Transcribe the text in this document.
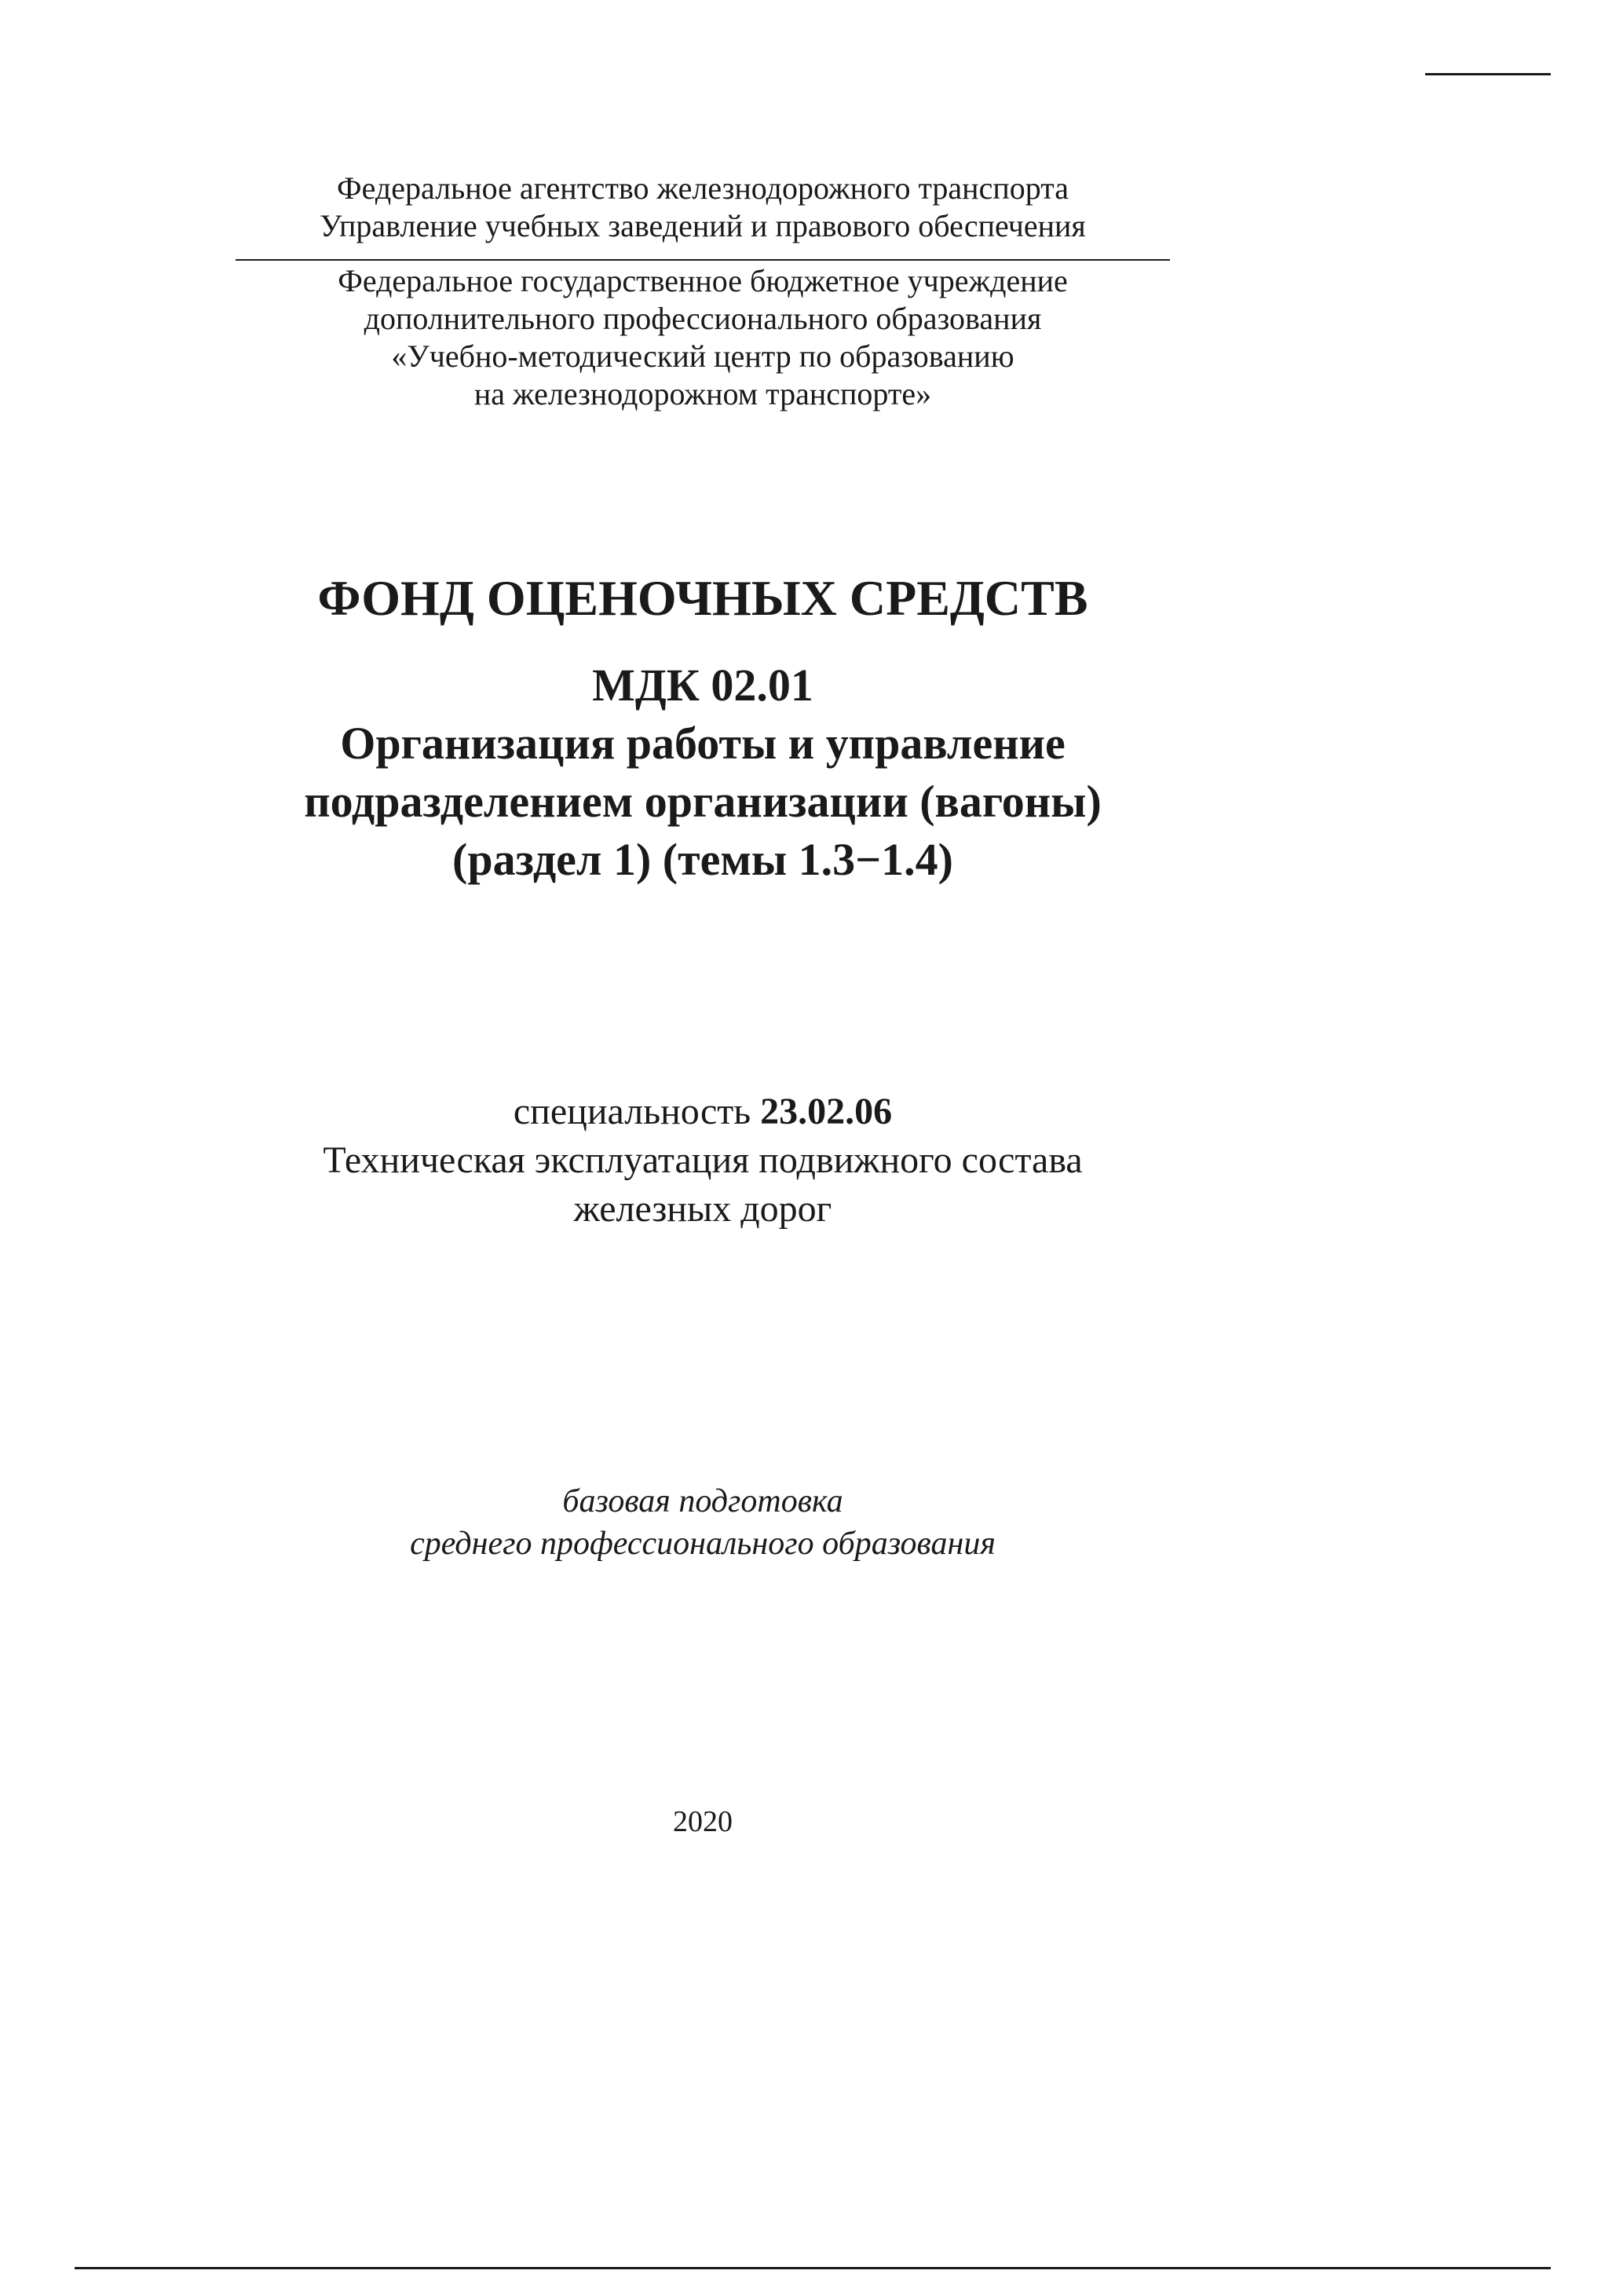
Федеральное агентство железнодорожного транспорта
Управление учебных заведений и правового обеспечения
Федеральное государственное бюджетное учреждение
дополнительного профессионального образования
«Учебно-методический центр по образованию
на железнодорожном транспорте»
ФОНД ОЦЕНОЧНЫХ СРЕДСТВ
МДК 02.01
Организация работы и управление
подразделением организации (вагоны)
(раздел 1) (темы 1.3−1.4)
специальность 23.02.06
Техническая эксплуатация подвижного состава
железных дорог
базовая подготовка
среднего профессионального образования
2020
